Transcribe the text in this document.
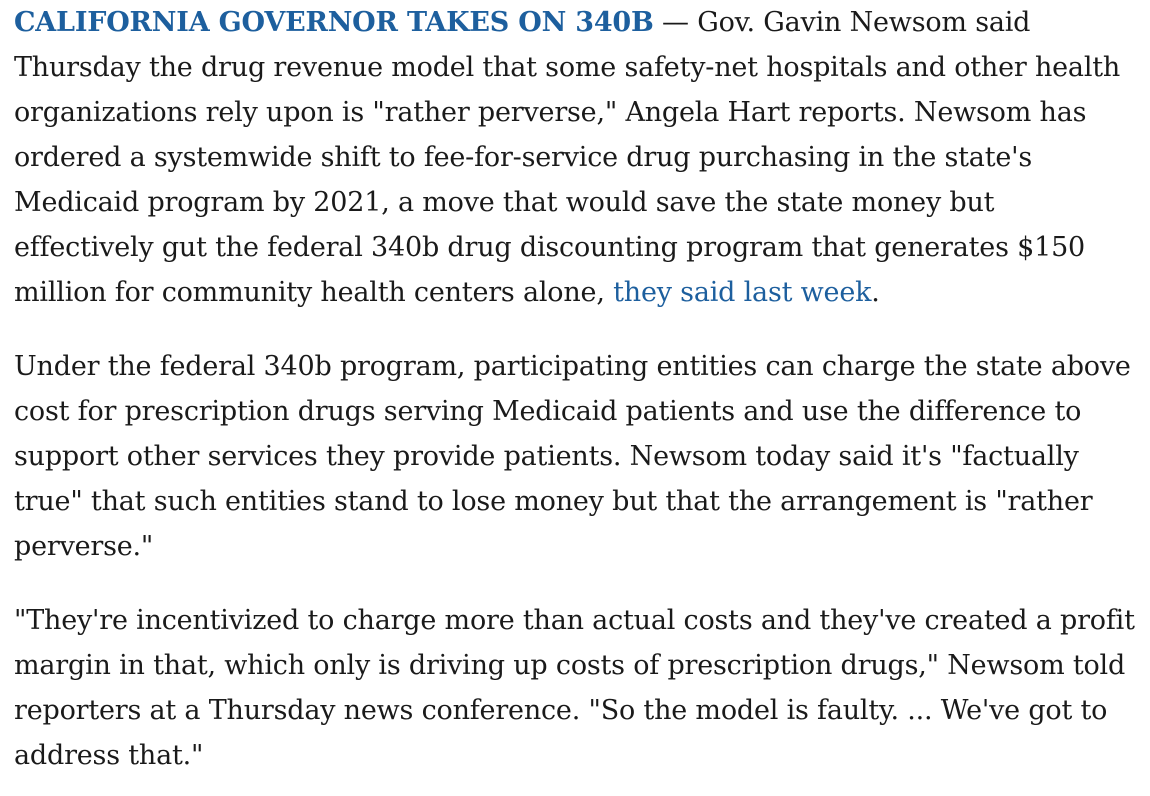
CALIFORNIA GOVERNOR TAKES ON 340B — Gov. Gavin Newsom said Thursday the drug revenue model that some safety-net hospitals and other health organizations rely upon is "rather perverse," Angela Hart reports. Newsom has ordered a systemwide shift to fee-for-service drug purchasing in the state's Medicaid program by 2021, a move that would save the state money but effectively gut the federal 340b drug discounting program that generates $150 million for community health centers alone, they said last week.

Under the federal 340b program, participating entities can charge the state above cost for prescription drugs serving Medicaid patients and use the difference to support other services they provide patients. Newsom today said it's "factually true" that such entities stand to lose money but that the arrangement is "rather perverse."

"They're incentivized to charge more than actual costs and they've created a profit margin in that, which only is driving up costs of prescription drugs," Newsom told reporters at a Thursday news conference. "So the model is faulty. ... We've got to address that."
